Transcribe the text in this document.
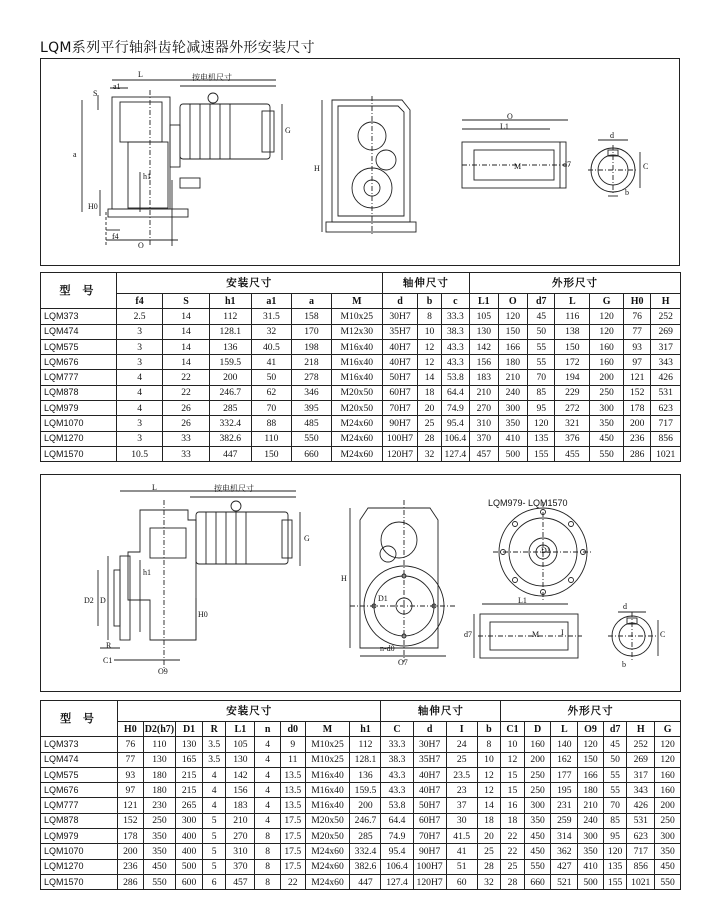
LQM系列平行轴斜齿轮减速器外形安装尺寸
按电机尺寸
L
a1
S
a
h1
H0
f4
O
G
H
O
L1
M	d7
d
C
b
型 号	安装尺寸						轴伸尺寸			外形尺寸						
	f4	S	h1	a1	a	M	d	b	c	L1	O	d7	L	G	H0	H
LQM373	2.5	14	112	31.5	158	M10x25	30H7	8	33.3	105	120	45	116	120	76	252
LQM474	3	14	128.1	32	170	M12x30	35H7	10	38.3	130	150	50	138	120	77	269
LQM575	3	14	136	40.5	198	M16x40	40H7	12	43.3	142	166	55	150	160	93	317
LQM676	3	14	159.5	41	218	M16x40	40H7	12	43.3	156	180	55	172	160	97	343
LQM777	4	22	200	50	278	M16x40	50H7	14	53.8	183	210	70	194	200	121	426
LQM878	4	22	246.7	62	346	M20x50	60H7	18	64.4	210	240	85	229	250	152	531
LQM979	4	26	285	70	395	M20x50	70H7	20	74.9	270	300	95	272	300	178	623
LQM1070	3	26	332.4	88	485	M24x60	90H7	25	95.4	310	350	120	321	350	200	717
LQM1270	3	33	382.6	110	550	M24x60	100H7	28	106.4	370	410	135	376	450	236	856
LQM1570	10.5	33	447	150	660	M24x60	120H7	32	127.4	457	500	155	455	550	286	1021
按电机尺寸
LQM979- LQM1570
L
G
D2 D
h1
H0
R
C1
O9
H
D1
n-d0
O7
D1
L1
d7	I
M
d
C
b
型 号	安装尺寸									轴伸尺寸				外形尺寸						
	H0	D2(h7)	D1	R	L1	n	d0	M	h1	C	d	I	b	C1	D	L	O9	d7	H	G
LQM373	76	110	130	3.5	105	4	9	M10x25	112	33.3	30H7	24	8	10	160	140	120	45	252	120
LQM474	77	130	165	3.5	130	4	11	M10x25	128.1	38.3	35H7	25	10	12	200	162	150	50	269	120
LQM575	93	180	215	4	142	4	13.5	M16x40	136	43.3	40H7	23.5	12	15	250	177	166	55	317	160
LQM676	97	180	215	4	156	4	13.5	M16x40	159.5	43.3	40H7	23	12	15	250	195	180	55	343	160
LQM777	121	230	265	4	183	4	13.5	M16x40	200	53.8	50H7	37	14	16	300	231	210	70	426	200
LQM878	152	250	300	5	210	4	17.5	M20x50	246.7	64.4	60H7	30	18	18	350	259	240	85	531	250
LQM979	178	350	400	5	270	8	17.5	M20x50	285	74.9	70H7	41.5	20	22	450	314	300	95	623	300
LQM1070	200	350	400	5	310	8	17.5	M24x60	332.4	95.4	90H7	41	25	22	450	362	350	120	717	350
LQM1270	236	450	500	5	370	8	17.5	M24x60	382.6	106.4	100H7	51	28	25	550	427	410	135	856	450
LQM1570	286	550	600	6	457	8	22	M24x60	447	127.4	120H7	60	32	28	660	521	500	155	1021	550
